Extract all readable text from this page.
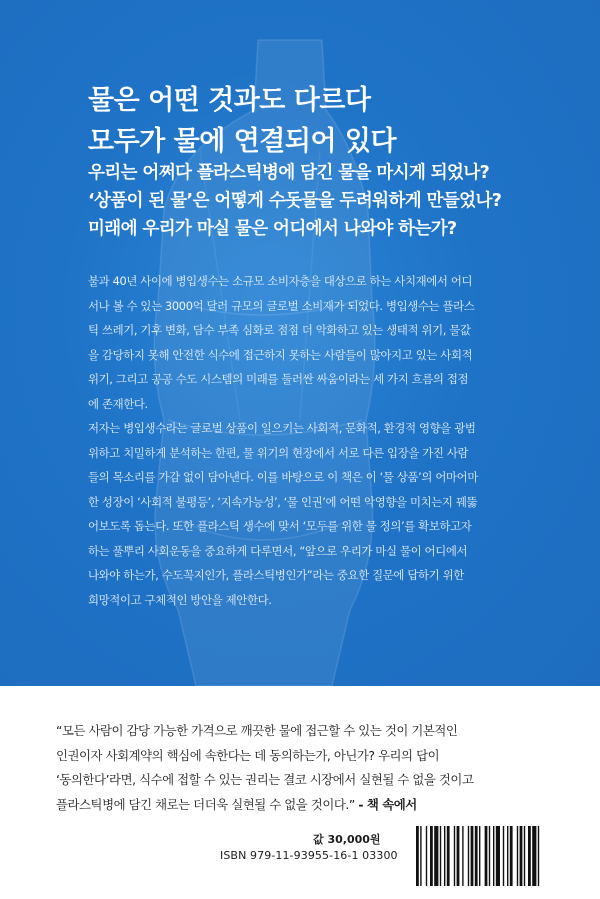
물은 어떤 것과도 다르다
모두가 물에 연결되어 있다
우리는 어쩌다 플라스틱병에 담긴 물을 마시게 되었나?
‘상품이 된 물’은 어떻게 수돗물을 두려워하게 만들었나?
미래에 우리가 마실 물은 어디에서 나와야 하는가?

불과 40년 사이에 병입생수는 소규모 소비자층을 대상으로 하는 사치재에서 어디
서나 볼 수 있는 3000억 달러 규모의 글로벌 소비재가 되었다. 병입생수는 플라스
틱 쓰레기, 기후 변화, 담수 부족 심화로 점점 더 악화하고 있는 생태적 위기, 물값
을 감당하지 못해 안전한 식수에 접근하지 못하는 사람들이 많아지고 있는 사회적
위기, 그리고 공공 수도 시스템의 미래를 둘러싼 싸움이라는 세 가지 흐름의 접점
에 존재한다.

저자는 병입생수라는 글로벌 상품이 일으키는 사회적, 문화적, 환경적 영향을 광범
위하고 치밀하게 분석하는 한편, 물 위기의 현장에서 서로 다른 입장을 가진 사람
들의 목소리를 가감 없이 담아낸다. 이를 바탕으로 이 책은 이 ‘물 상품’의 어마어마
한 성장이 ‘사회적 불평등’, ‘지속가능성’, ‘물 인권’에 어떤 악영향을 미치는지 꿰뚫
어보도록 돕는다. 또한 플라스틱 생수에 맞서 ‘모두를 위한 물 정의’를 확보하고자
하는 풀뿌리 사회운동을 중요하게 다루면서, “앞으로 우리가 마실 물이 어디에서
나와야 하는가, 수도꼭지인가, 플라스틱병인가”라는 중요한 질문에 답하기 위한
희망적이고 구체적인 방안을 제안한다.

“모든 사람이 감당 가능한 가격으로 깨끗한 물에 접근할 수 있는 것이 기본적인
인권이자 사회계약의 핵심에 속한다는 데 동의하는가, 아닌가? 우리의 답이
‘동의한다’라면, 식수에 접할 수 있는 권리는 결코 시장에서 실현될 수 없을 것이고
플라스틱병에 담긴 채로는 더더욱 실현될 수 없을 것이다.” - 책 속에서
값 30,000원
ISBN 979-11-93955-16-1 03300
